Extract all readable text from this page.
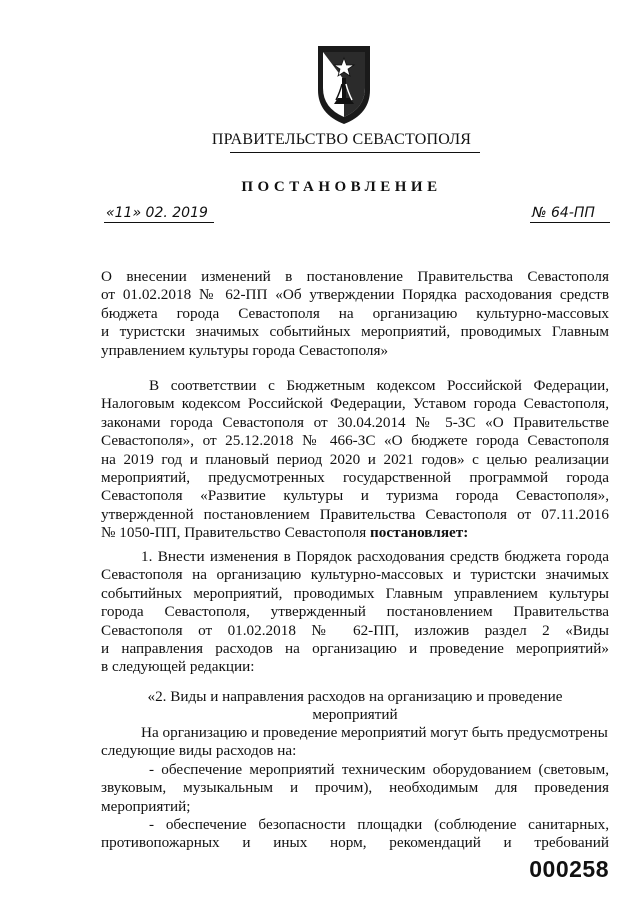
ПРАВИТЕЛЬСТВО СЕВАСТОПОЛЯ
ПОСТАНОВЛЕНИЕ
«11» 02. 2019	№ 64-ПП
О внесении изменений в постановление Правительства Севастополя
от 01.02.2018 № 62-ПП «Об утверждении Порядка расходования средств
бюджета города Севастополя на организацию культурно-массовых
и туристски значимых событийных мероприятий, проводимых Главным
управлением культуры города Севастополя»
В соответствии с Бюджетным кодексом Российской Федерации,
Налоговым кодексом Российской Федерации, Уставом города Севастополя,
законами города Севастополя от 30.04.2014 № 5-ЗС «О Правительстве
Севастополя», от 25.12.2018 № 466-ЗС «О бюджете города Севастополя
на 2019 год и плановый период 2020 и 2021 годов» с целью реализации
мероприятий, предусмотренных государственной программой города
Севастополя «Развитие культуры и туризма города Севастополя»,
утвержденной постановлением Правительства Севастополя от 07.11.2016
№ 1050-ПП, Правительство Севастополя постановляет:
1. Внести изменения в Порядок расходования средств бюджета города
Севастополя на организацию культурно-массовых и туристски значимых
событийных мероприятий, проводимых Главным управлением культуры
города Севастополя, утвержденный постановлением Правительства
Севастополя от 01.02.2018 № 62-ПП, изложив раздел 2 «Виды
и направления расходов на организацию и проведение мероприятий»
в следующей редакции:
«2. Виды и направления расходов на организацию и проведение
мероприятий
На организацию и проведение мероприятий могут быть предусмотрены
следующие виды расходов на:
- обеспечение мероприятий техническим оборудованием (световым,
звуковым, музыкальным и прочим), необходимым для проведения
мероприятий;
- обеспечение безопасности площадки (соблюдение санитарных,
противопожарных и иных норм, рекомендаций и требований
000258
